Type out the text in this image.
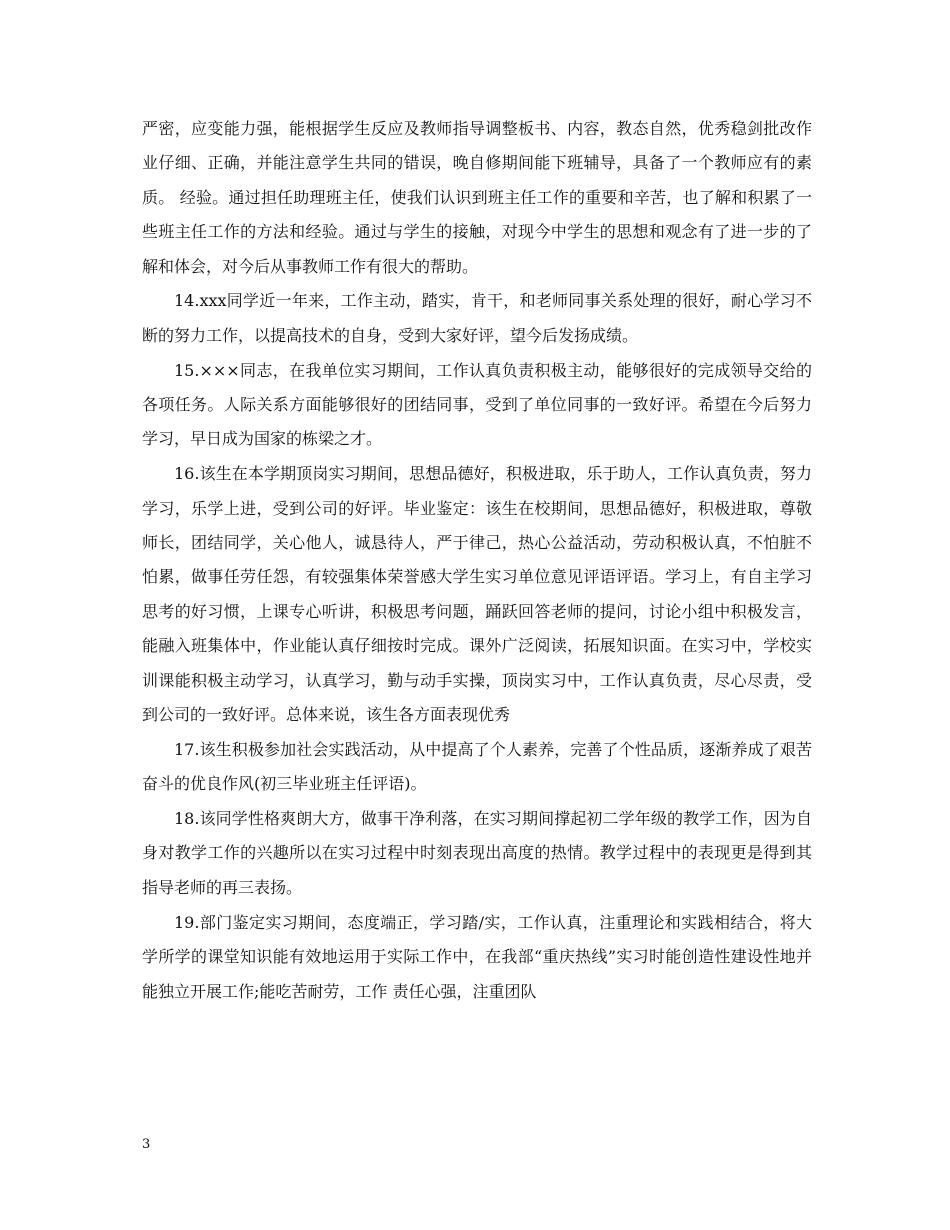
严密，应变能力强，能根据学生反应及教师指导调整板书、内容，教态自然，优秀稳剑批改作业仔细、正确，并能注意学生共同的错误，晚自修期间能下班辅导，具备了一个教师应有的素质。 经验。通过担任助理班主任，使我们认识到班主任工作的重要和辛苦，也了解和积累了一些班主任工作的方法和经验。通过与学生的接触，对现今中学生的思想和观念有了进一步的了解和体会，对今后从事教师工作有很大的帮助。

14.xxx同学近一年来，工作主动，踏实，肯干，和老师同事关系处理的很好，耐心学习不断的努力工作，以提高技术的自身，受到大家好评，望今后发扬成绩。

15.×××同志，在我单位实习期间，工作认真负责积极主动，能够很好的完成领导交给的各项任务。人际关系方面能够很好的团结同事，受到了单位同事的一致好评。希望在今后努力学习，早日成为国家的栋梁之才。

16.该生在本学期顶岗实习期间，思想品德好，积极进取，乐于助人，工作认真负责，努力学习，乐学上进，受到公司的好评。毕业鉴定：该生在校期间，思想品德好，积极进取，尊敬师长，团结同学，关心他人，诚恳待人，严于律己，热心公益活动，劳动积极认真，不怕脏不怕累，做事任劳任怨，有较强集体荣誉感大学生实习单位意见评语评语。学习上，有自主学习思考的好习惯，上课专心听讲，积极思考问题，踊跃回答老师的提问，讨论小组中积极发言，能融入班集体中，作业能认真仔细按时完成。课外广泛阅读，拓展知识面。在实习中，学校实训课能积极主动学习，认真学习，勤与动手实操，顶岗实习中，工作认真负责，尽心尽责，受到公司的一致好评。总体来说，该生各方面表现优秀

17.该生积极参加社会实践活动，从中提高了个人素养，完善了个性品质，逐渐养成了艰苦奋斗的优良作风(初三毕业班主任评语)。

18.该同学性格爽朗大方，做事干净利落，在实习期间撑起初二学年级的教学工作，因为自身对教学工作的兴趣所以在实习过程中时刻表现出高度的热情。教学过程中的表现更是得到其指导老师的再三表扬。

19.部门鉴定实习期间，态度端正，学习踏/实，工作认真，注重理论和实践相结合，将大学所学的课堂知识能有效地运用于实际工作中，在我部“重庆热线”实习时能创造性建设性地并能独立开展工作;能吃苦耐劳，工作 责任心强，注重团队

3
